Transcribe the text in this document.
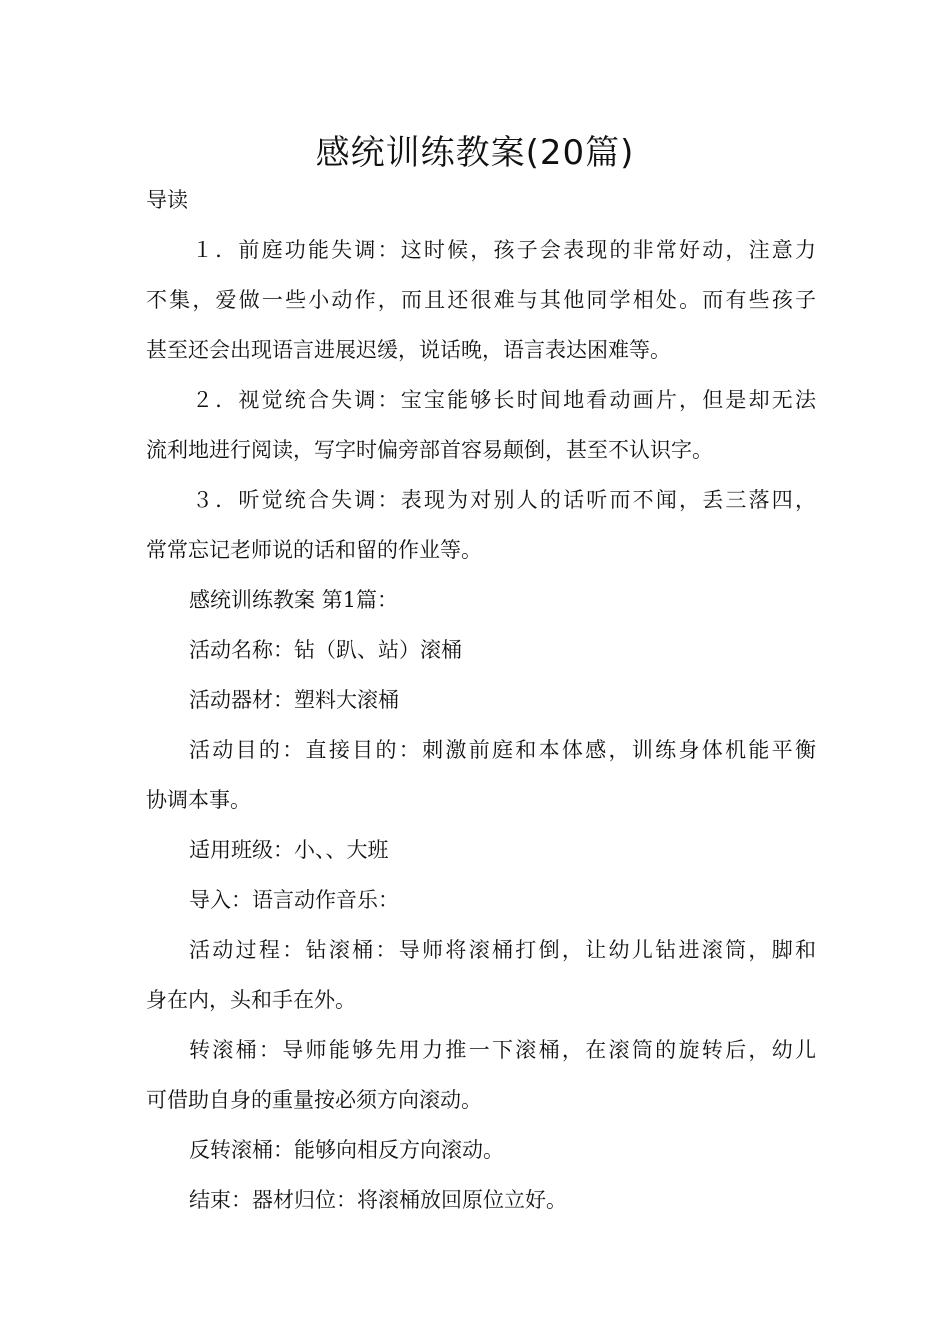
感统训练教案(20篇)
导读
１．前庭功能失调：这时候，孩子会表现的非常好动，注意力
不集，爱做一些小动作，而且还很难与其他同学相处。而有些孩子
甚至还会出现语言进展迟缓，说话晚，语言表达困难等。
２．视觉统合失调：宝宝能够长时间地看动画片，但是却无法
流利地进行阅读，写字时偏旁部首容易颠倒，甚至不认识字。
３．听觉统合失调：表现为对别人的话听而不闻，丢三落四，
常常忘记老师说的话和留的作业等。
感统训练教案 第1篇：
活动名称：钻（趴、站）滚桶
活动器材：塑料大滚桶
活动目的：直接目的：刺激前庭和本体感，训练身体机能平衡
协调本事。
适用班级：小、、大班
导入：语言动作音乐：
活动过程：钻滚桶：导师将滚桶打倒，让幼儿钻进滚筒，脚和
身在内，头和手在外。
转滚桶：导师能够先用力推一下滚桶，在滚筒的旋转后，幼儿
可借助自身的重量按必须方向滚动。
反转滚桶：能够向相反方向滚动。
结束：器材归位：将滚桶放回原位立好。
